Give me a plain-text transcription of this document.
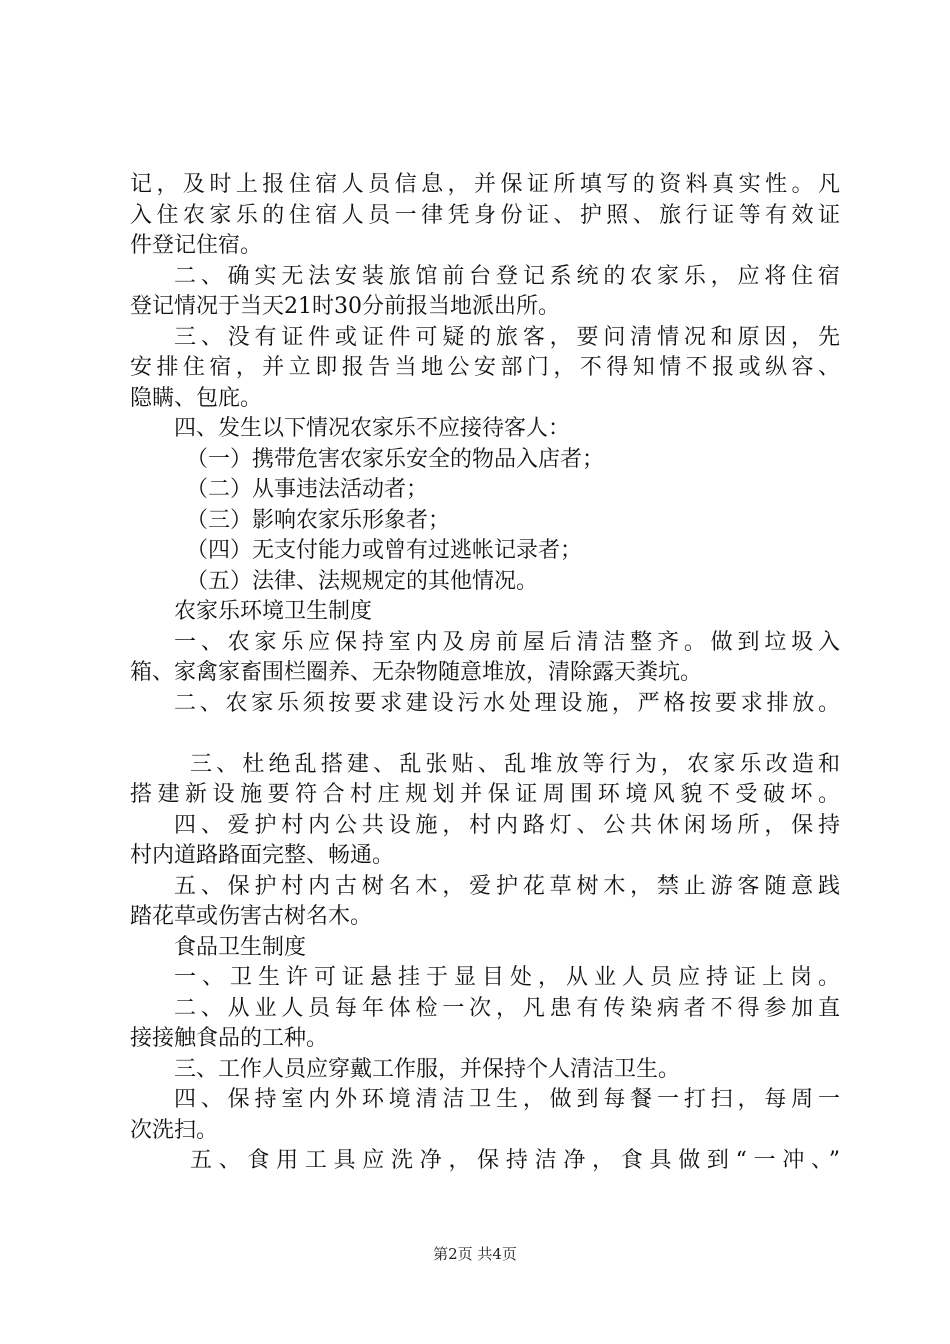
记，及时上报住宿人员信息，并保证所填写的资料真实性。凡
入住农家乐的住宿人员一律凭身份证、护照、旅行证等有效证
件登记住宿。
二、确实无法安装旅馆前台登记系统的农家乐，应将住宿
登记情况于当天21时30分前报当地派出所。
三、没有证件或证件可疑的旅客，要问清情况和原因，先
安排住宿，并立即报告当地公安部门，不得知情不报或纵容、
隐瞒、包庇。
四、发生以下情况农家乐不应接待客人：
（一）携带危害农家乐安全的物品入店者；
（二）从事违法活动者；
（三）影响农家乐形象者；
（四）无支付能力或曾有过逃帐记录者；
（五）法律、法规规定的其他情况。
农家乐环境卫生制度
一、农家乐应保持室内及房前屋后清洁整齐。做到垃圾入
箱、家禽家畜围栏圈养、无杂物随意堆放，清除露天粪坑。
二、农家乐须按要求建设污水处理设施，严格按要求排放。
三、杜绝乱搭建、乱张贴、乱堆放等行为，农家乐改造和
搭建新设施要符合村庄规划并保证周围环境风貌不受破坏。
四、爱护村内公共设施，村内路灯、公共休闲场所，保持
村内道路路面完整、畅通。
五、保护村内古树名木，爱护花草树木，禁止游客随意践
踏花草或伤害古树名木。
食品卫生制度
一、卫生许可证悬挂于显目处，从业人员应持证上岗。
二、从业人员每年体检一次，凡患有传染病者不得参加直
接接触食品的工种。
三、工作人员应穿戴工作服，并保持个人清洁卫生。
四、保持室内外环境清洁卫生，做到每餐一打扫，每周一
次洗扫。
五、食用工具应洗净，保持洁净，食具做到“一冲、”
第2页 共4页
